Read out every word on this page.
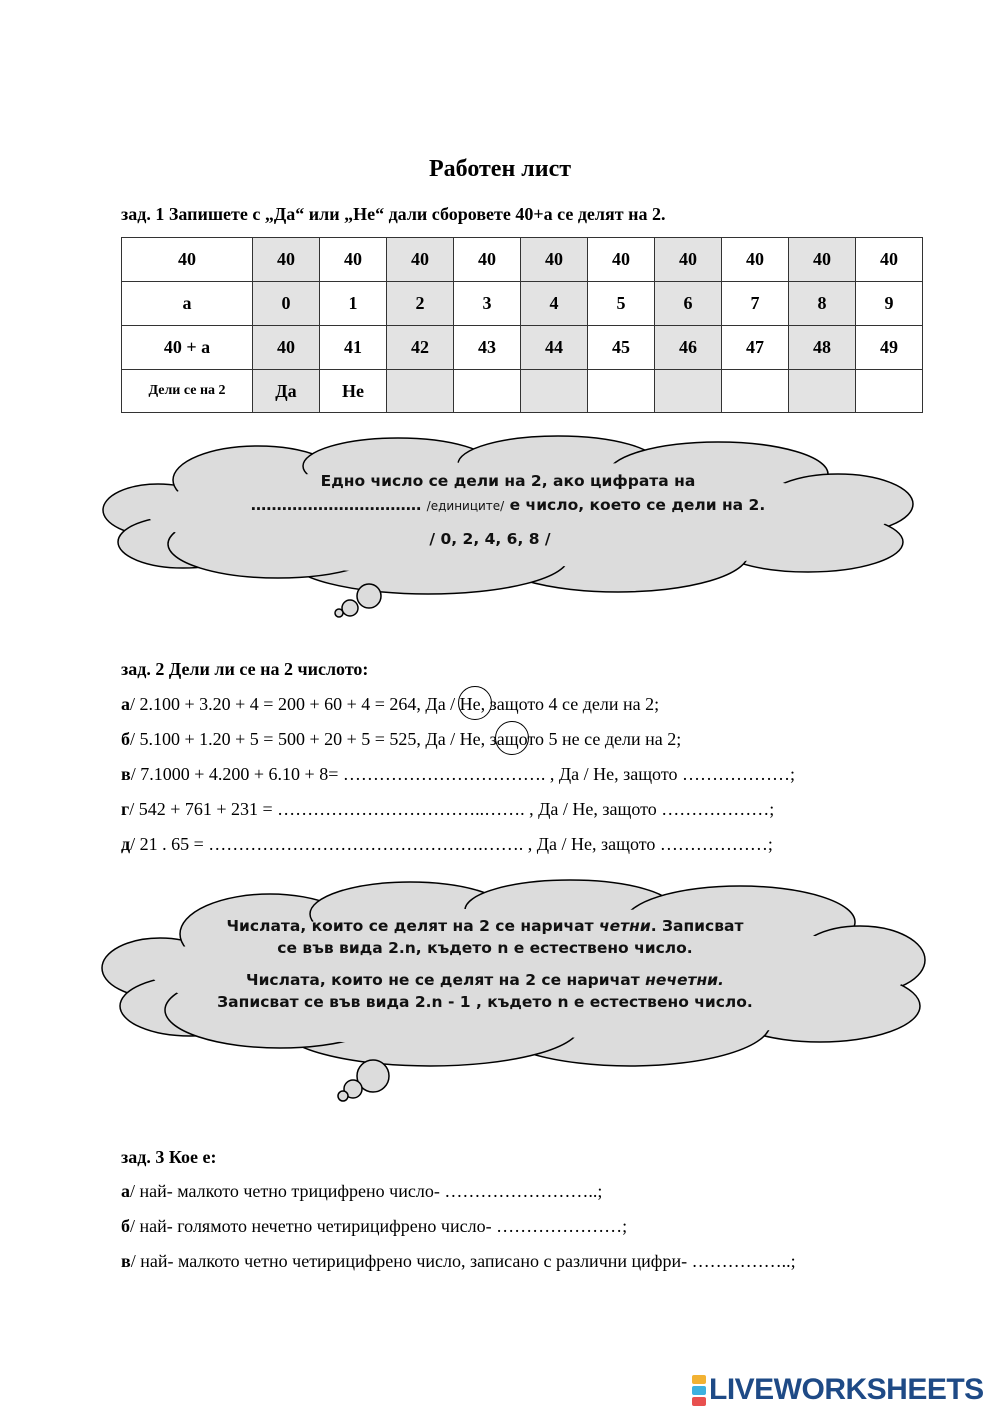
Работен лист
зад. 1 Запишете с „Да“ или „Не“ дали сборовете 40+а се делят на 2.
40	40	40	40	40	40	40	40	40	40	40
а	0	1	2	3	4	5	6	7	8	9
40 + а	40	41	42	43	44	45	46	47	48	49
Дели се на 2	Да	Не								
Едно число се дели на 2, ако цифрата на
…………………………… /единиците/ е число, което се дели на 2.
/ 0, 2, 4, 6, 8 /
зад. 2 Дели ли се на 2 числото:
а/ 2.100 + 3.20 + 4 = 200 + 60 + 4 = 264, Да / Не, защото 4 се дели на 2;
б/ 5.100 + 1.20 + 5 = 500 + 20 + 5 = 525, Да / Не, защото 5 не се дели на 2;
в/ 7.1000 + 4.200 + 6.10 + 8= ……………………………. , Да / Не, защото ………………;
г/ 542 + 761 + 231 = ……………………………..……. , Да / Не, защото ………………;
д/ 21 . 65 = ……………………………………….……. , Да / Не, защото ………………;
Числата, които се делят на 2 се наричат четни. Записват
се във вида 2.n, където n е естествено число.
Числата, които не се делят на 2 се наричат нечетни.
Записват се във вида 2.n - 1 , където n е естествено число.
зад. 3 Кое е:
а/ най- малкото четно трицифрено число- ……………………..;
б/ най- голямото нечетно четирицифрено число- …………………;
в/ най- малкото четно четирицифрено число, записано с различни цифри- ……………..;
LIVEWORKSHEETS
